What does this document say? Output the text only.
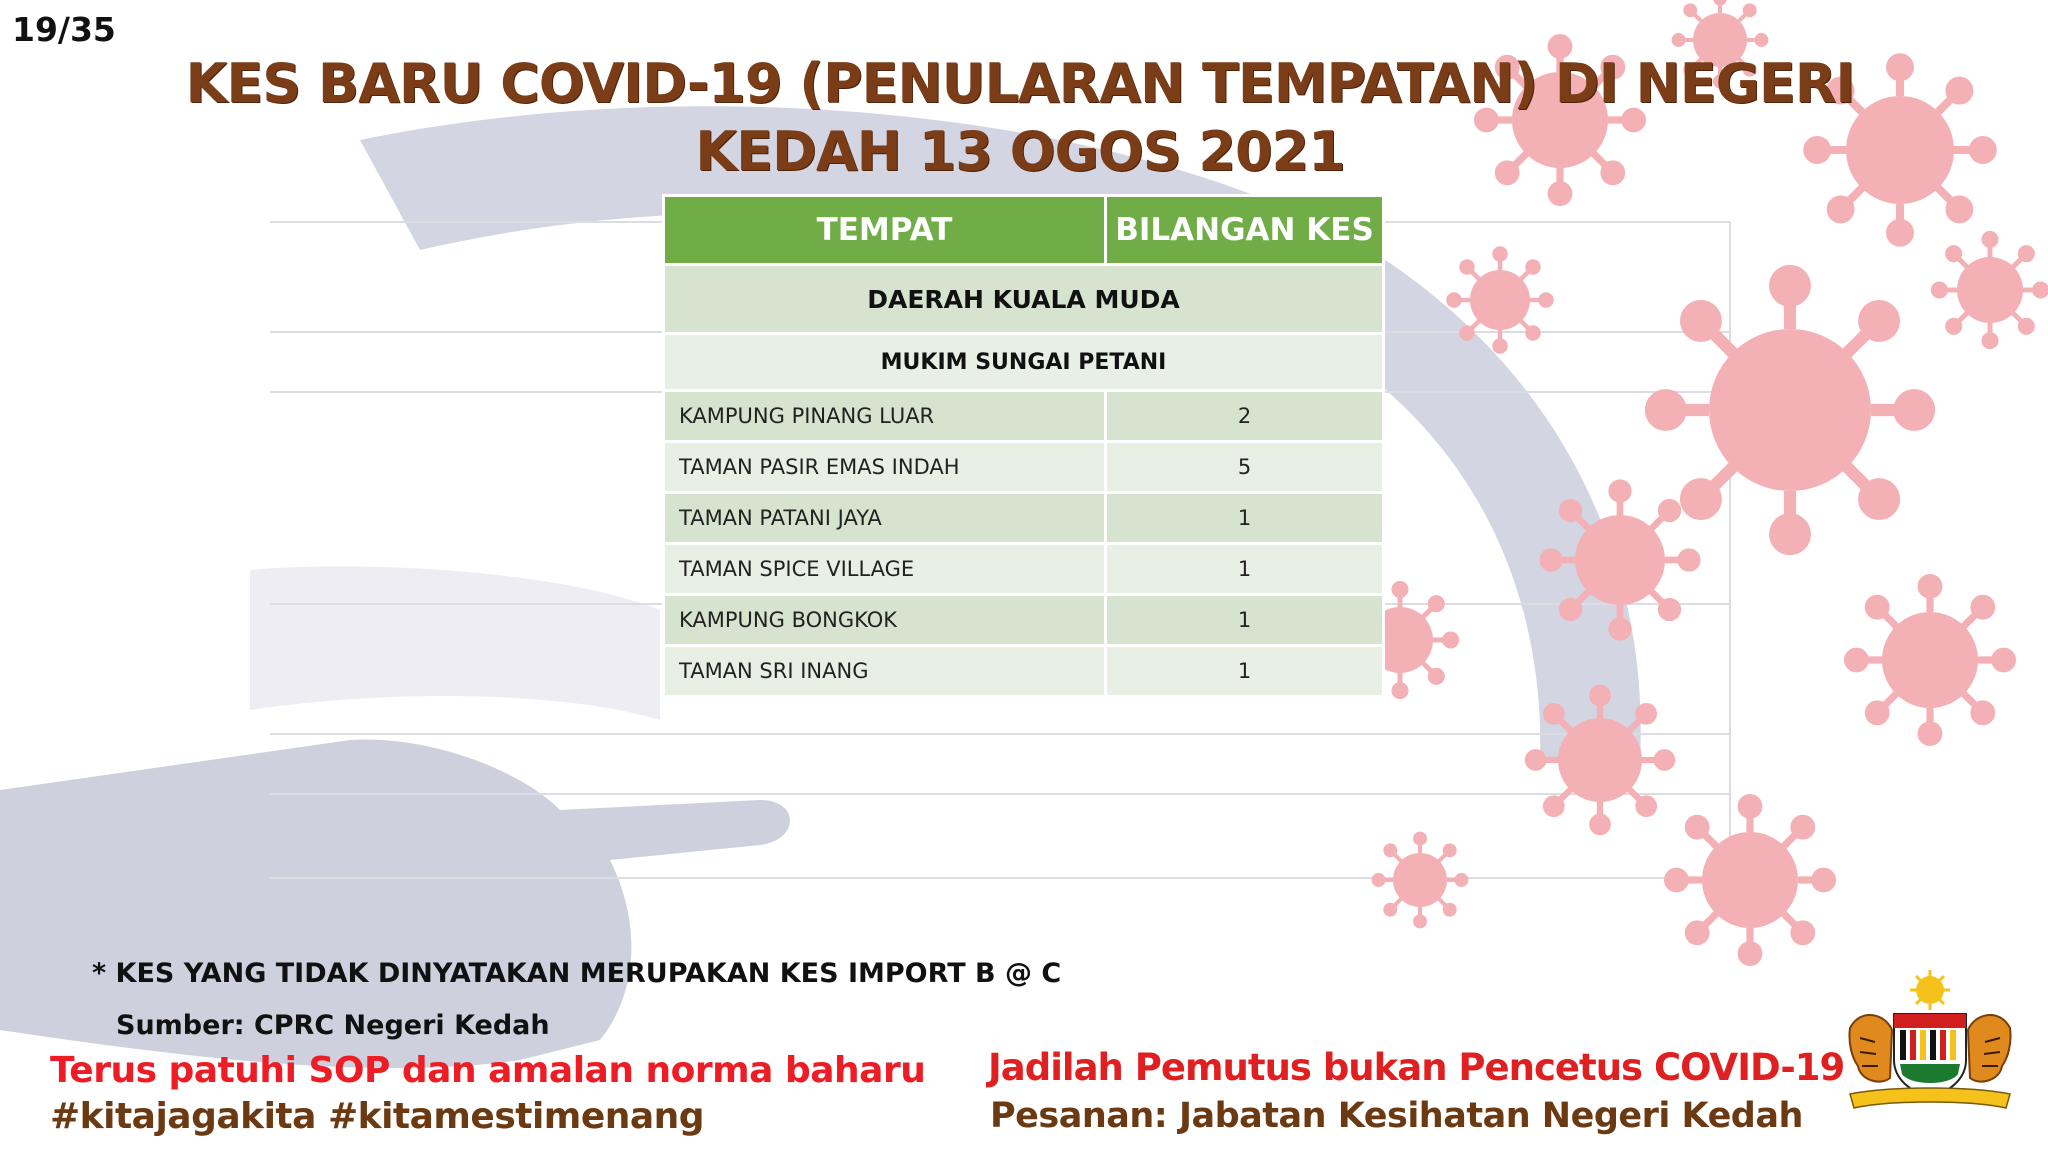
19/35
KES BARU COVID-19 (PENULARAN TEMPATAN) DI NEGERI
KEDAH 13 OGOS 2021
TEMPAT	BILANGAN KES
DAERAH KUALA MUDA	
MUKIM SUNGAI PETANI	
KAMPUNG PINANG LUAR	2
TAMAN PASIR EMAS INDAH	5
TAMAN PATANI JAYA	1
TAMAN SPICE VILLAGE	1
KAMPUNG BONGKOK	1
TAMAN SRI INANG	1
* KES YANG TIDAK DINYATAKAN MERUPAKAN KES IMPORT B @ C
Sumber: CPRC Negeri Kedah
Terus patuhi SOP dan amalan norma baharu
#kitajagakita #kitamestimenang
Jadilah Pemutus bukan Pencetus COVID-19
Pesanan: Jabatan Kesihatan Negeri Kedah
